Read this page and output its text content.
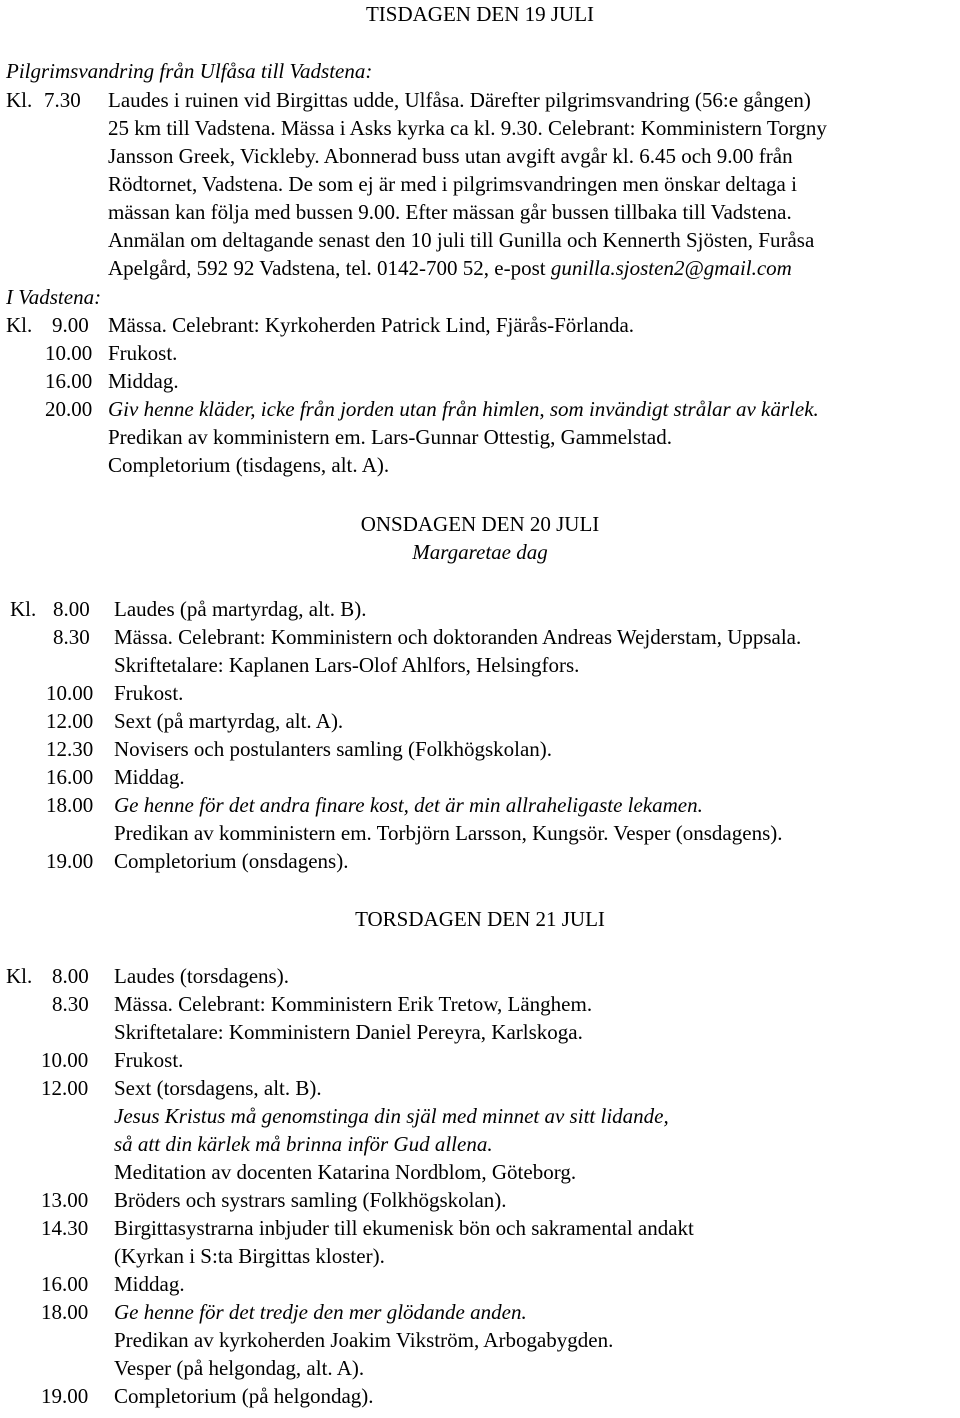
TISDAGEN DEN 19 JULI
Pilgrimsvandring från Ulfåsa till Vadstena:
Kl. 7.30 Laudes i ruinen vid Birgittas udde, Ulfåsa. Därefter pilgrimsvandring (56:e gången)
25 km till Vadstena. Mässa i Asks kyrka ca kl. 9.30. Celebrant: Komministern Torgny
Jansson Greek, Vickleby. Abonnerad buss utan avgift avgår kl. 6.45 och 9.00 från
Rödtornet, Vadstena. De som ej är med i pilgrimsvandringen men önskar deltaga i
mässan kan följa med bussen 9.00. Efter mässan går bussen tillbaka till Vadstena.
Anmälan om deltagande senast den 10 juli till Gunilla och Kennerth Sjösten, Furåsa
Apelgård, 592 92 Vadstena, tel. 0142-700 52, e-post gunilla.sjosten2@gmail.com
I Vadstena:
Kl. 9.00 Mässa. Celebrant: Kyrkoherden Patrick Lind, Fjärås-Förlanda.
10.00 Frukost.
16.00 Middag.
20.00 Giv henne kläder, icke från jorden utan från himlen, som invändigt strålar av kärlek.
Predikan av komministern em. Lars-Gunnar Ottestig, Gammelstad.
Completorium (tisdagens, alt. A).
ONSDAGEN DEN 20 JULI
Margaretae dag
Kl. 8.00 Laudes (på martyrdag, alt. B).
8.30 Mässa. Celebrant: Komministern och doktoranden Andreas Wejderstam, Uppsala.
Skriftetalare: Kaplanen Lars-Olof Ahlfors, Helsingfors.
10.00 Frukost.
12.00 Sext (på martyrdag, alt. A).
12.30 Novisers och postulanters samling (Folkhögskolan).
16.00 Middag.
18.00 Ge henne för det andra finare kost, det är min allraheligaste lekamen.
Predikan av komministern em. Torbjörn Larsson, Kungsör. Vesper (onsdagens).
19.00 Completorium (onsdagens).
TORSDAGEN DEN 21 JULI
Kl. 8.00 Laudes (torsdagens).
8.30 Mässa. Celebrant: Komministern Erik Tretow, Länghem.
Skriftetalare: Komministern Daniel Pereyra, Karlskoga.
10.00 Frukost.
12.00 Sext (torsdagens, alt. B).
Jesus Kristus må genomstinga din själ med minnet av sitt lidande,
så att din kärlek må brinna inför Gud allena.
Meditation av docenten Katarina Nordblom, Göteborg.
13.00 Bröders och systrars samling (Folkhögskolan).
14.30 Birgittasystrarna inbjuder till ekumenisk bön och sakramental andakt
(Kyrkan i S:ta Birgittas kloster).
16.00 Middag.
18.00 Ge henne för det tredje den mer glödande anden.
Predikan av kyrkoherden Joakim Vikström, Arbogabygden.
Vesper (på helgondag, alt. A).
19.00 Completorium (på helgondag).
